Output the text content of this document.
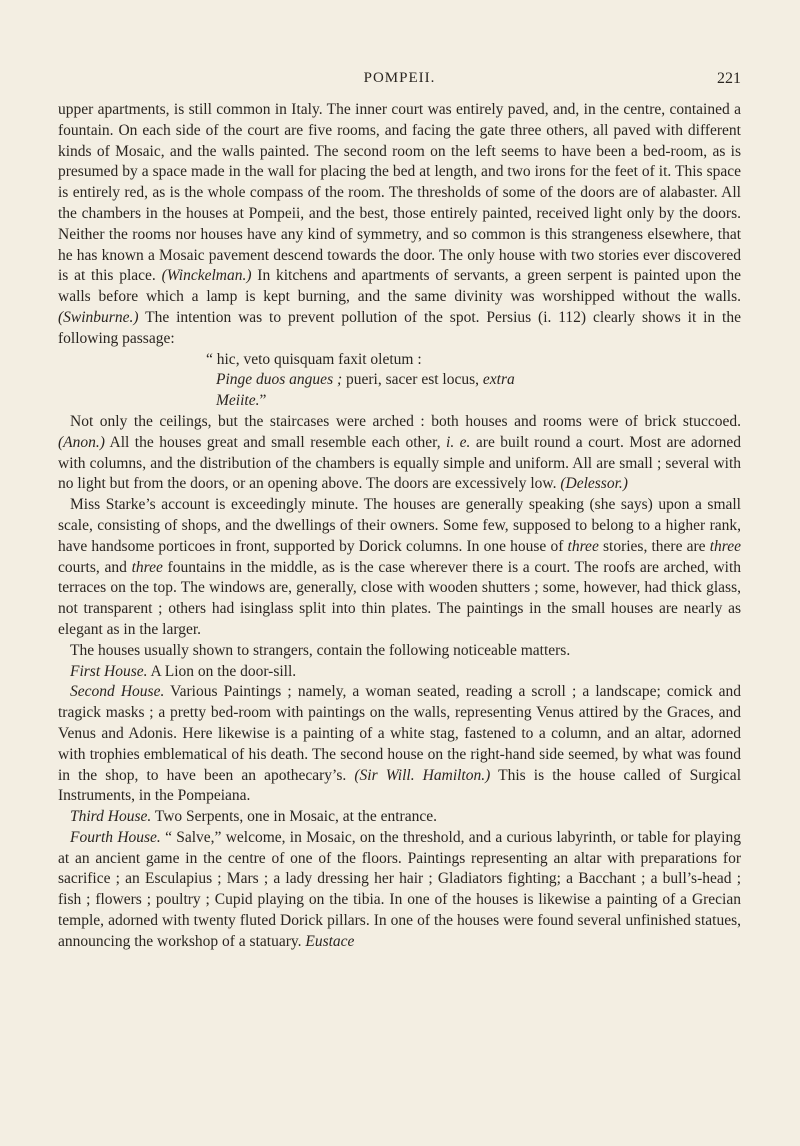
POMPEII.	221

upper apartments, is still common in Italy. The inner court was entirely paved, and, in the centre, contained a fountain. On each side of the court are five rooms, and facing the gate three others, all paved with different kinds of Mosaic, and the walls painted. The second room on the left seems to have been a bed-room, as is presumed by a space made in the wall for placing the bed at length, and two irons for the feet of it. This space is entirely red, as is the whole compass of the room. The thresholds of some of the doors are of alabaster. All the chambers in the houses at Pompeii, and the best, those entirely painted, received light only by the doors. Neither the rooms nor houses have any kind of symmetry, and so common is this strangeness elsewhere, that he has known a Mosaic pavement descend towards the door. The only house with two stories ever discovered is at this place. (Winckelman.) In kitchens and apartments of servants, a green serpent is painted upon the walls before which a lamp is kept burning, and the same divinity was worshipped without the walls. (Swinburne.) The intention was to prevent pollution of the spot. Persius (i. 112) clearly shows it in the following passage:

“ hic, veto quisquam faxit oletum :

Pinge duos angues ; pueri, sacer est locus, extra

Meiite.”

Not only the ceilings, but the staircases were arched : both houses and rooms were of brick stuccoed. (Anon.) All the houses great and small resemble each other, i. e. are built round a court. Most are adorned with columns, and the distribution of the chambers is equally simple and uniform. All are small ; several with no light but from the doors, or an opening above. The doors are excessively low. (Delessor.)

Miss Starke’s account is exceedingly minute. The houses are generally speaking (she says) upon a small scale, consisting of shops, and the dwellings of their owners. Some few, supposed to belong to a higher rank, have handsome porticoes in front, supported by Dorick columns. In one house of three stories, there are three courts, and three fountains in the middle, as is the case wherever there is a court. The roofs are arched, with terraces on the top. The windows are, generally, close with wooden shutters ; some, however, had thick glass, not transparent ; others had isinglass split into thin plates. The paintings in the small houses are nearly as elegant as in the larger.

The houses usually shown to strangers, contain the following noticeable matters.

First House. A Lion on the door-sill.

Second House. Various Paintings ; namely, a woman seated, reading a scroll ; a landscape; comick and tragick masks ; a pretty bed-room with paintings on the walls, representing Venus attired by the Graces, and Venus and Adonis. Here likewise is a painting of a white stag, fastened to a column, and an altar, adorned with trophies emblematical of his death. The second house on the right-hand side seemed, by what was found in the shop, to have been an apothecary’s. (Sir Will. Hamilton.) This is the house called of Surgical Instruments, in the Pompeiana.

Third House. Two Serpents, one in Mosaic, at the entrance.

Fourth House. “ Salve,” welcome, in Mosaic, on the threshold, and a curious labyrinth, or table for playing at an ancient game in the centre of one of the floors. Paintings representing an altar with preparations for sacrifice ; an Esculapius ; Mars ; a lady dressing her hair ; Gladiators fighting; a Bacchant ; a bull’s-head ; fish ; flowers ; poultry ; Cupid playing on the tibia. In one of the houses is likewise a painting of a Grecian temple, adorned with twenty fluted Dorick pillars. In one of the houses were found several unfinished statues, announcing the workshop of a statuary. Eustace
